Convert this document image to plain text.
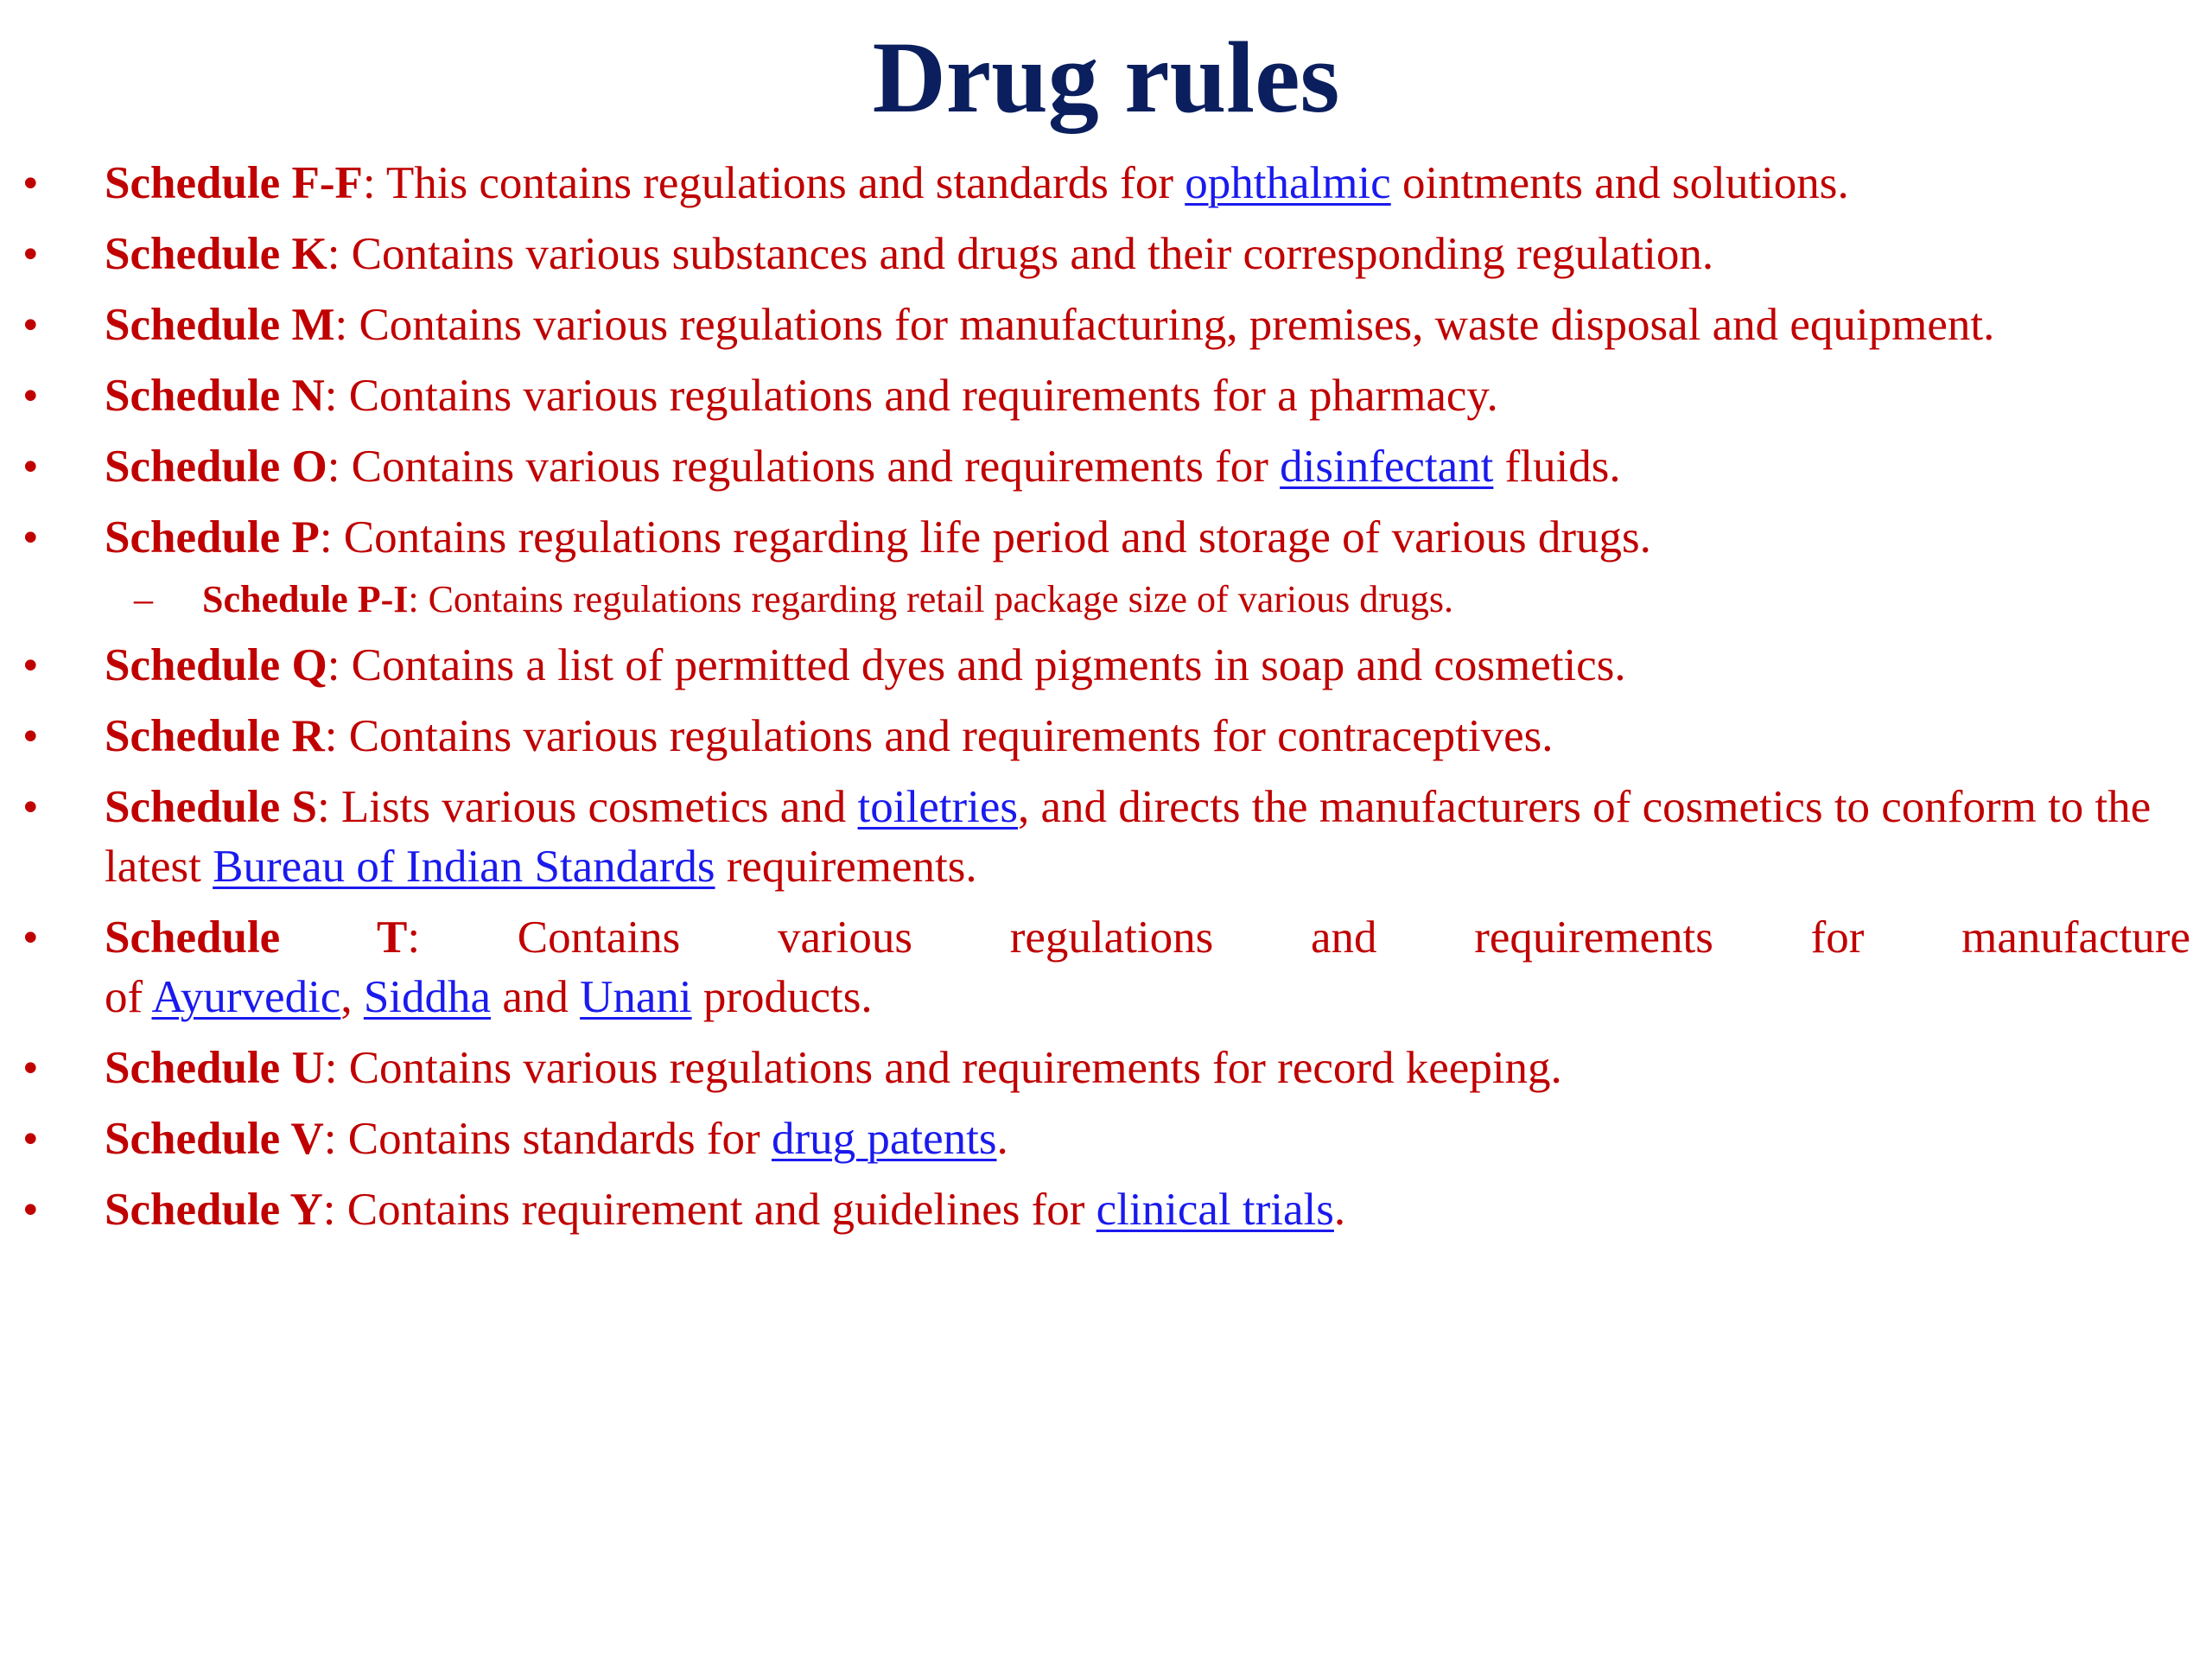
Drug rules
• Schedule F-F: This contains regulations and standards for ophthalmic ointments and solutions.
• Schedule K: Contains various substances and drugs and their corresponding regulation.
• Schedule M: Contains various regulations for manufacturing, premises, waste disposal and equipment.
• Schedule N: Contains various regulations and requirements for a pharmacy.
• Schedule O: Contains various regulations and requirements for disinfectant fluids.
• Schedule P: Contains regulations regarding life period and storage of various drugs.
– Schedule P-I: Contains regulations regarding retail package size of various drugs.
• Schedule Q: Contains a list of permitted dyes and pigments in soap and cosmetics.
• Schedule R: Contains various regulations and requirements for contraceptives.
• Schedule S: Lists various cosmetics and toiletries, and directs the manufacturers of cosmetics to conform to the latest Bureau of Indian Standards requirements.
• Schedule T: Contains various regulations and requirements for manufacture
of Ayurvedic, Siddha and Unani products.
• Schedule U: Contains various regulations and requirements for record keeping.
• Schedule V: Contains standards for drug patents.
• Schedule Y: Contains requirement and guidelines for clinical trials.
